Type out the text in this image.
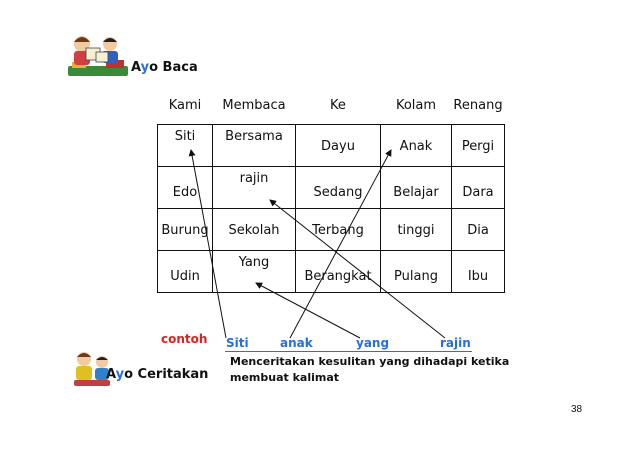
Ayo Baca
Kami	Membaca	Ke	Kolam	Renang

Siti	Bersama	Dayu	Anak	Pergi

Edo	rajin	Sedang	Belajar	Dara

Burung	Sekolah	Terbang	tinggi	Dia

Udin	Yang	Berangkat	Pulang	Ibu
contoh Siti	anak	yang	rajin
Ayo Ceritakan
Menceritakan kesulitan yang dihadapi ketika membuat kalimat
38
